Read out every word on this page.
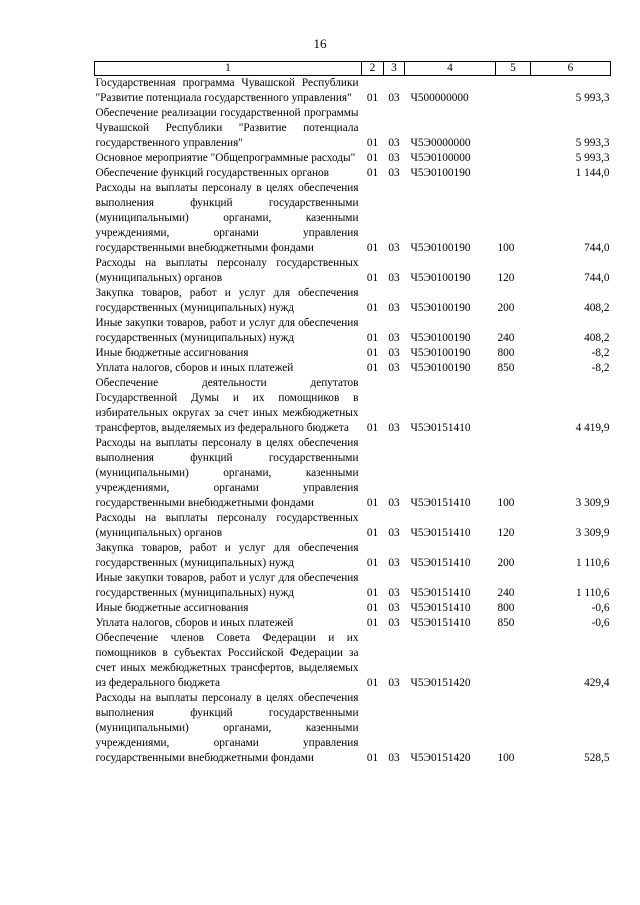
16
1	2	3	4	5	6
Государственная программа Чувашской Республики "Развитие потенциала государственного управления"	01	03	Ч500000000		5 993,3
Обеспечение реализации государственной программы Чувашской Республики "Развитие потенциала государственного управления"	01	03	Ч5Э0000000		5 993,3
Основное мероприятие "Общепрограммные расходы"	01	03	Ч5Э0100000		5 993,3
Обеспечение функций государственных органов	01	03	Ч5Э0100190		1 144,0
Расходы на выплаты персоналу в целях обеспечения выполнения функций государственными (муниципальными) органами, казенными учреждениями, органами управления государственными внебюджетными фондами	01	03	Ч5Э0100190	100	744,0
Расходы на выплаты персоналу государственных (муниципальных) органов	01	03	Ч5Э0100190	120	744,0
Закупка товаров, работ и услуг для обеспечения государственных (муниципальных) нужд	01	03	Ч5Э0100190	200	408,2
Иные закупки товаров, работ и услуг для обеспечения государственных (муниципальных) нужд	01	03	Ч5Э0100190	240	408,2
Иные бюджетные ассигнования	01	03	Ч5Э0100190	800	-8,2
Уплата налогов, сборов и иных платежей	01	03	Ч5Э0100190	850	-8,2
Обеспечение деятельности депутатов Государственной Думы и их помощников в избирательных округах за счет иных межбюджетных трансфертов, выделяемых из федерального бюджета	01	03	Ч5Э0151410		4 419,9
Расходы на выплаты персоналу в целях обеспечения выполнения функций государственными (муниципальными) органами, казенными учреждениями, органами управления государственными внебюджетными фондами	01	03	Ч5Э0151410	100	3 309,9
Расходы на выплаты персоналу государственных (муниципальных) органов	01	03	Ч5Э0151410	120	3 309,9
Закупка товаров, работ и услуг для обеспечения государственных (муниципальных) нужд	01	03	Ч5Э0151410	200	1 110,6
Иные закупки товаров, работ и услуг для обеспечения государственных (муниципальных) нужд	01	03	Ч5Э0151410	240	1 110,6
Иные бюджетные ассигнования	01	03	Ч5Э0151410	800	-0,6
Уплата налогов, сборов и иных платежей	01	03	Ч5Э0151410	850	-0,6
Обеспечение членов Совета Федерации и их помощников в субъектах Российской Федерации за счет иных межбюджетных трансфертов, выделяемых из федерального бюджета	01	03	Ч5Э0151420		429,4
Расходы на выплаты персоналу в целях обеспечения выполнения функций государственными (муниципальными) органами, казенными учреждениями, органами управления государственными внебюджетными фондами	01	03	Ч5Э0151420	100	528,5
